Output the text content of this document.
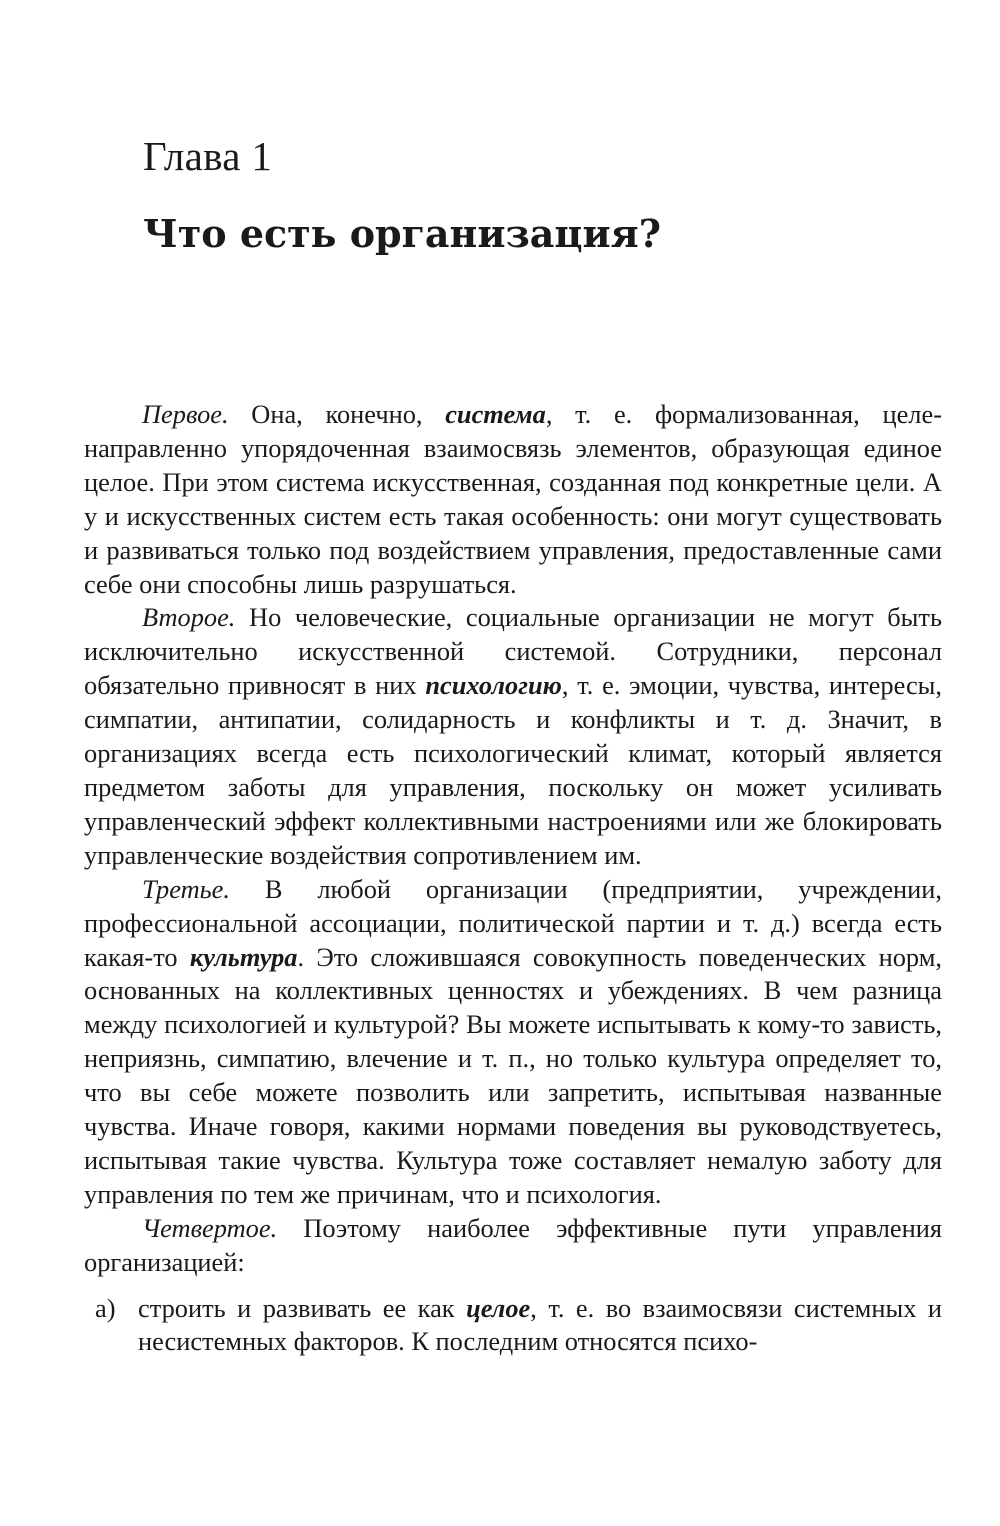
Глава 1
Что есть организация?

Первое. Она, конечно, система, т. е. формализованная, целенаправленно упорядоченная взаимосвязь элементов, образующая единое целое. При этом система искусственная, созданная под конкретные цели. А у и искусственных систем есть такая особенность: они могут существовать и развиваться только под воздействием управления, предоставленные сами себе они способны лишь разрушаться.

Второе. Но человеческие, социальные организации не могут быть исключительно искусственной системой. Сотрудники, персонал обязательно привносят в них психологию, т. е. эмоции, чувства, интересы, симпатии, антипатии, солидарность и конфликты и т. д. Значит, в организациях всегда есть психологический климат, который является предметом заботы для управления, поскольку он может усиливать управленческий эффект коллективными настроениями или же блокировать управленческие воздействия сопротивлением им.

Третье. В любой организации (предприятии, учреждении, профессиональной ассоциации, политической партии и т. д.) всегда есть какая-то культура. Это сложившаяся совокупность поведенческих норм, основанных на коллективных ценностях и убеждениях. В чем разница между психологией и культурой? Вы можете испытывать к кому-то зависть, неприязнь, симпатию, влечение и т. п., но только культура определяет то, что вы себе можете позволить или запретить, испытывая названные чувства. Иначе говоря, какими нормами поведения вы руководствуетесь, испытывая такие чувства. Культура тоже составляет немалую заботу для управления по тем же причинам, что и психология.

Четвертое. Поэтому наиболее эффективные пути управления организацией:

а) строить и развивать ее как целое, т. е. во взаимосвязи системных и несистемных факторов. К последним относятся психо-
